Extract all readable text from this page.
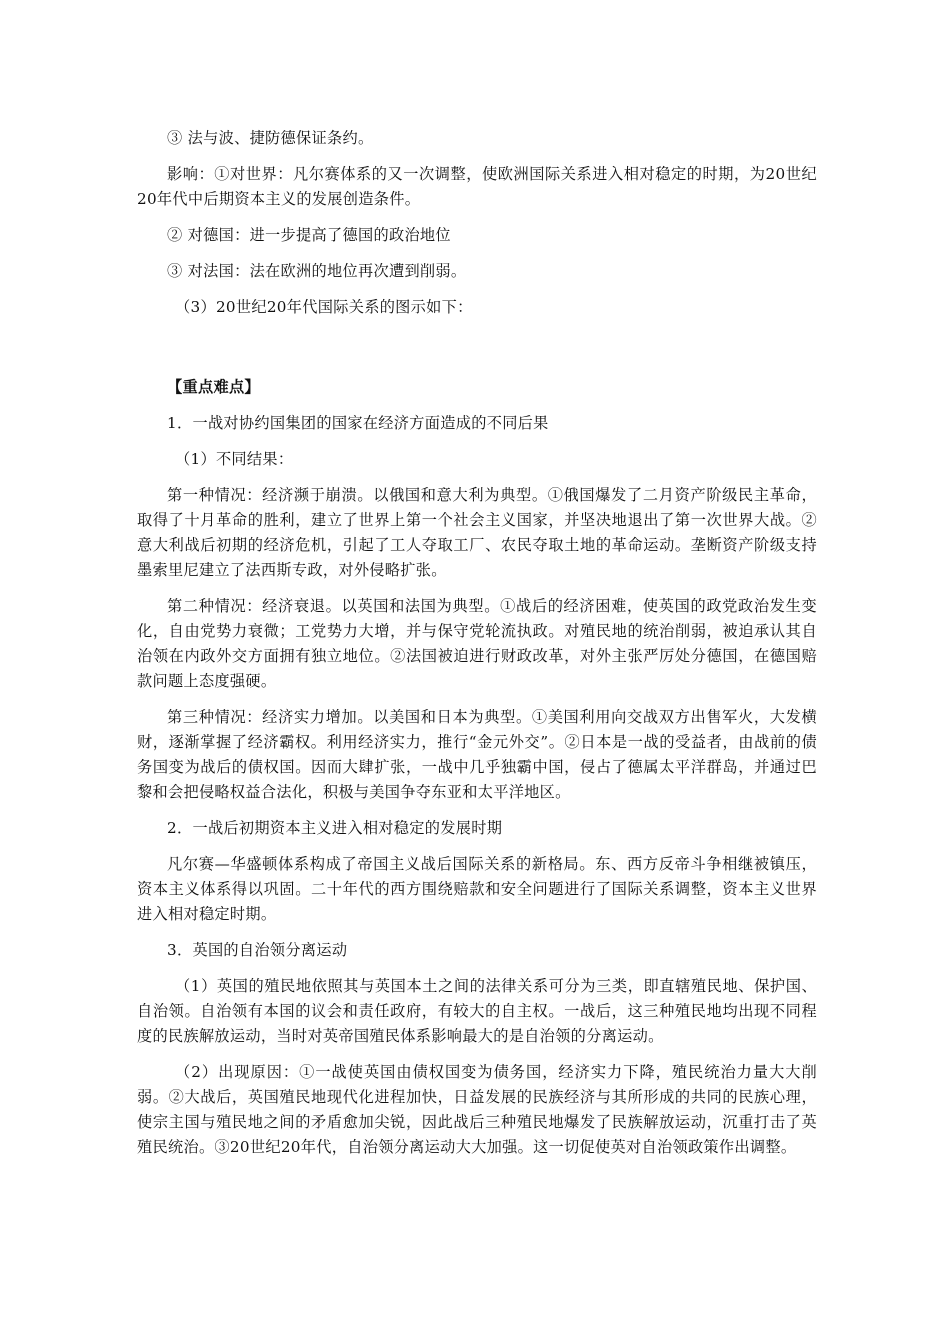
③ 法与波、捷防德保证条约。

影响：①对世界：凡尔赛体系的又一次调整，使欧洲国际关系进入相对稳定的时期，为20世纪20年代中后期资本主义的发展创造条件。

② 对德国：进一步提高了德国的政治地位

③ 对法国：法在欧洲的地位再次遭到削弱。

（3）20世纪20年代国际关系的图示如下：

【重点难点】

1．一战对协约国集团的国家在经济方面造成的不同后果

（1）不同结果：

第一种情况：经济濒于崩溃。以俄国和意大利为典型。①俄国爆发了二月资产阶级民主革命，取得了十月革命的胜利，建立了世界上第一个社会主义国家，并坚决地退出了第一次世界大战。②意大利战后初期的经济危机，引起了工人夺取工厂、农民夺取土地的革命运动。垄断资产阶级支持墨索里尼建立了法西斯专政，对外侵略扩张。

第二种情况：经济衰退。以英国和法国为典型。①战后的经济困难，使英国的政党政治发生变化，自由党势力衰微；工党势力大增，并与保守党轮流执政。对殖民地的统治削弱，被迫承认其自治领在内政外交方面拥有独立地位。②法国被迫进行财政改革，对外主张严厉处分德国，在德国赔款问题上态度强硬。

第三种情况：经济实力增加。以美国和日本为典型。①美国利用向交战双方出售军火，大发横财，逐渐掌握了经济霸权。利用经济实力，推行“金元外交”。②日本是一战的受益者，由战前的债务国变为战后的债权国。因而大肆扩张，一战中几乎独霸中国，侵占了德属太平洋群岛，并通过巴黎和会把侵略权益合法化，积极与美国争夺东亚和太平洋地区。

2．一战后初期资本主义进入相对稳定的发展时期

凡尔赛—华盛顿体系构成了帝国主义战后国际关系的新格局。东、西方反帝斗争相继被镇压，资本主义体系得以巩固。二十年代的西方围绕赔款和安全问题进行了国际关系调整，资本主义世界进入相对稳定时期。

3．英国的自治领分离运动

（1）英国的殖民地依照其与英国本土之间的法律关系可分为三类，即直辖殖民地、保护国、自治领。自治领有本国的议会和责任政府，有较大的自主权。一战后，这三种殖民地均出现不同程度的民族解放运动，当时对英帝国殖民体系影响最大的是自治领的分离运动。

（2）出现原因：①一战使英国由债权国变为债务国，经济实力下降，殖民统治力量大大削弱。②大战后，英国殖民地现代化进程加快，日益发展的民族经济与其所形成的共同的民族心理，使宗主国与殖民地之间的矛盾愈加尖锐，因此战后三种殖民地爆发了民族解放运动，沉重打击了英殖民统治。③20世纪20年代，自治领分离运动大大加强。这一切促使英对自治领政策作出调整。
